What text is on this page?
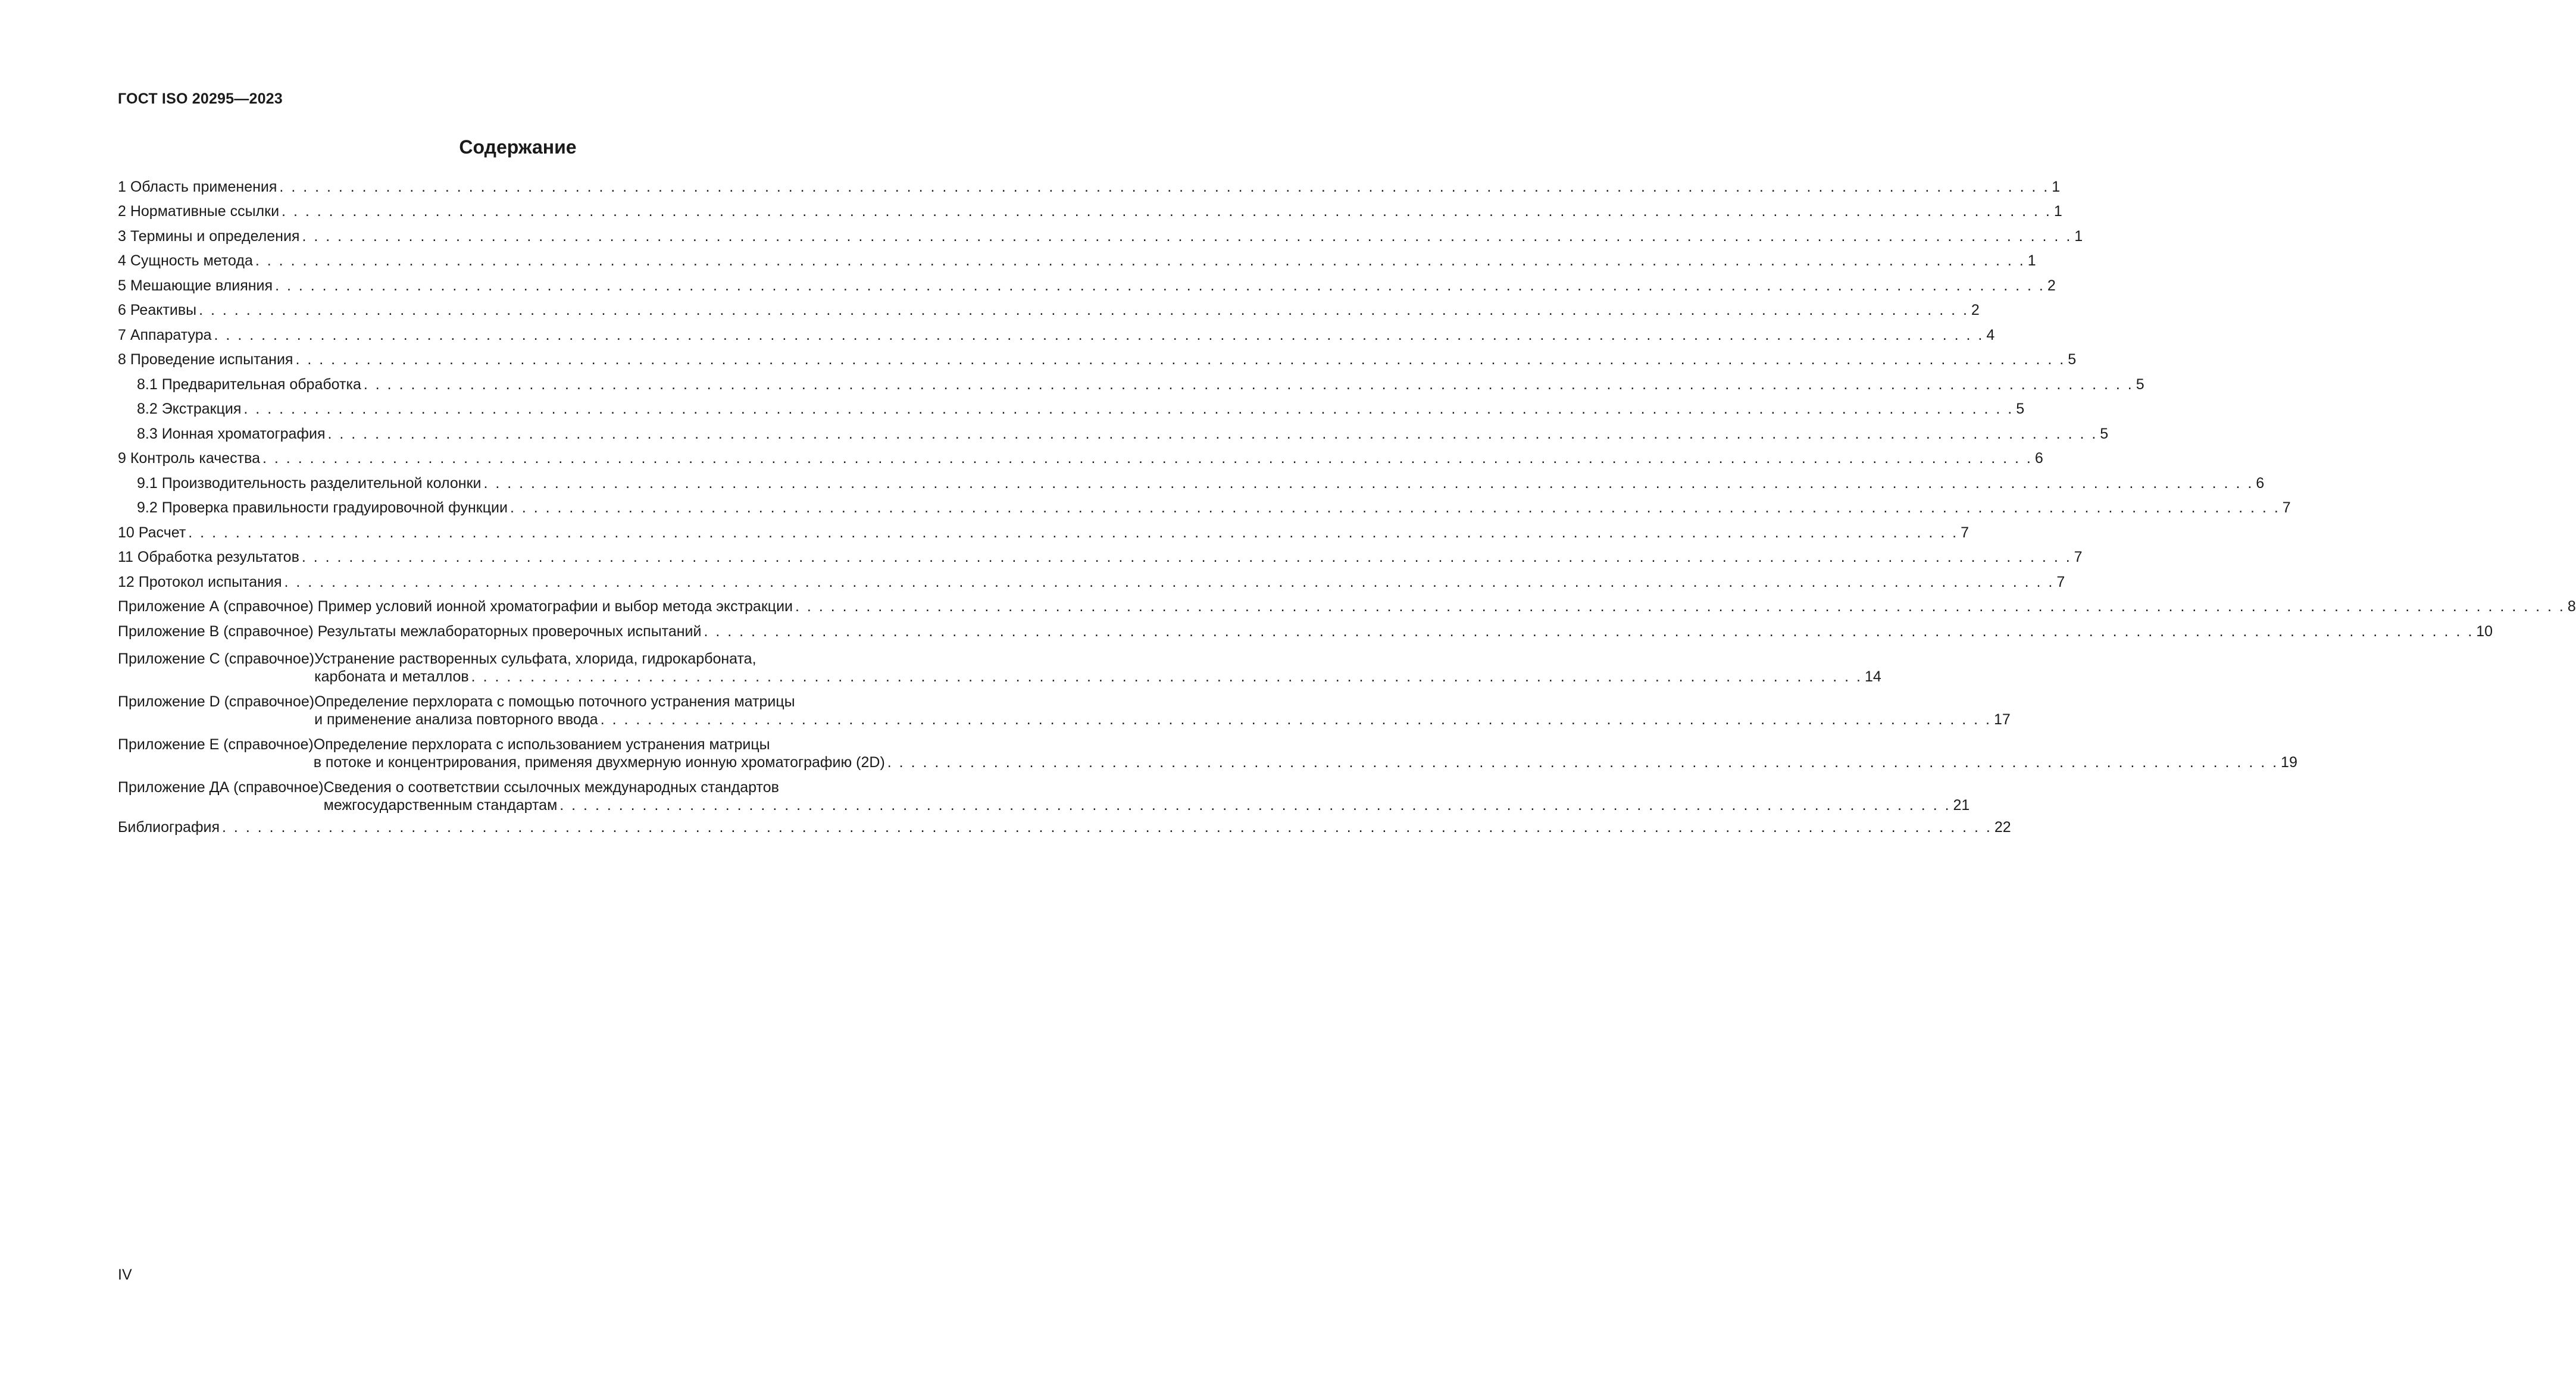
ГОСТ ISO 20295—2023
Содержание
1 Область применения . . .	1
2 Нормативные ссылки . . .	1
3 Термины и определения . . .	1
4 Сущность метода . . .	1
5 Мешающие влияния . . .	2
6 Реактивы . . .	2
7 Аппаратура . . .	4
8 Проведение испытания . . .	5
8.1 Предварительная обработка . . .	5
8.2 Экстракция . . .	5
8.3 Ионная хроматография . . .	5
9 Контроль качества . . .	6
9.1 Производительность разделительной колонки . . .	6
9.2 Проверка правильности градуировочной функции . . .	7
10 Расчет . . .	7
11 Обработка результатов . . .	7
12 Протокол испытания . . .	7
Приложение А (справочное) Пример условий ионной хроматографии и выбор метода экстракции . . .	8
Приложение В (справочное) Результаты межлабораторных проверочных испытаний . . .	10
Приложение С (справочное) Устранение растворенных сульфата, хлорида, гидрокарбоната,
карбоната и металлов . . .	14
Приложение D (справочное) Определение перхлората с помощью поточного устранения матрицы
и применение анализа повторного ввода . . .	17
Приложение Е (справочное) Определение перхлората с использованием устранения матрицы
в потоке и концентрирования, применяя двухмерную ионную хроматографию (2D) . . .	19
Приложение ДА (справочное) Сведения о соответствии ссылочных международных стандартов
межгосударственным стандартам . . .	21
Библиография . . .	22
IV
